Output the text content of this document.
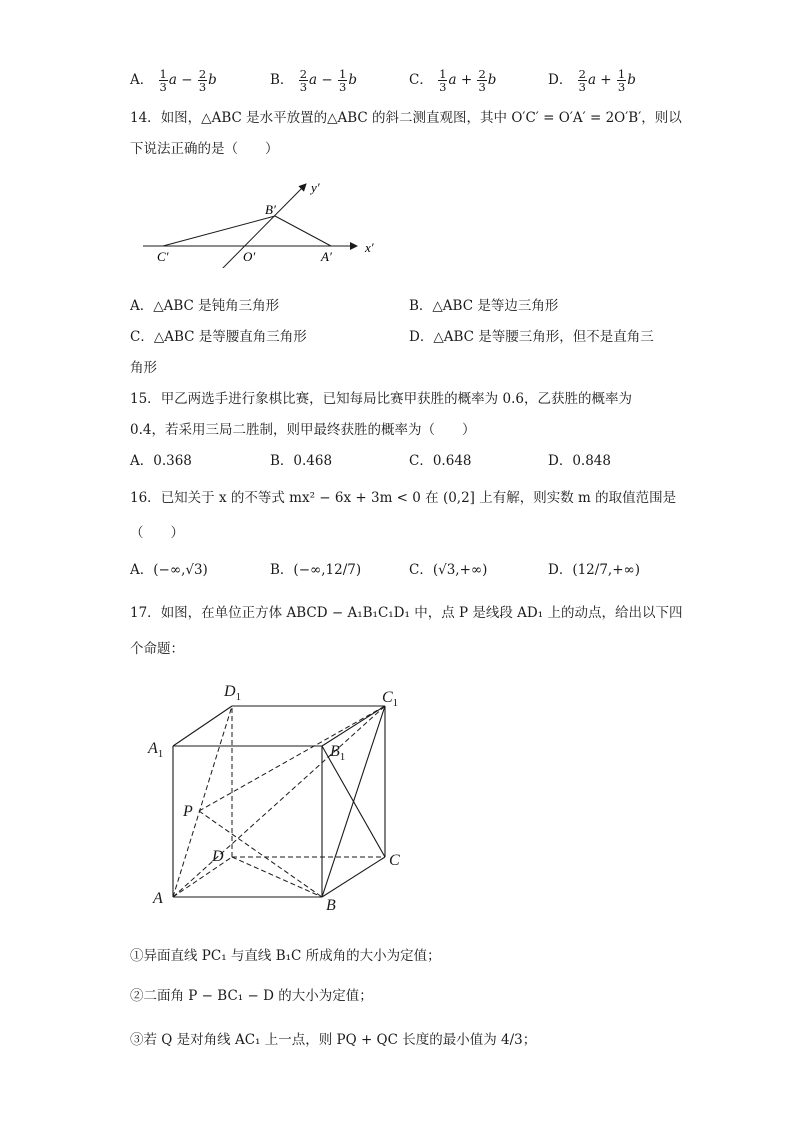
A． $\frac{1}{3}$ $a - \frac{2}{3}$ b	B． $\frac{2}{3}$ $a - \frac{1}{3}$ b	C． $\frac{1}{3}$ $a + \frac{2}{3}$ b	D． $\frac{2}{3}$ $a + \frac{1}{3}$ b
14．如图，△ABC 是水平放置的△ABC 的斜二测直观图，其中 O′C′ = O′A′ = 2O′B′，则以
下说法正确的是（　　）
y′
x′
B′
C′	O′	A′
A．△ABC 是钝角三角形	B．△ABC 是等边三角形
C．△ABC 是等腰直角三角形	D．△ABC 是等腰三角形，但不是直角三
角形
15．甲乙两选手进行象棋比赛，已知每局比赛甲获胜的概率为 0.6，乙获胜的概率为
0.4，若采用三局二胜制，则甲最终获胜的概率为（　　）
A．0.368	B．0.468	C．0.648	D．0.848
16．已知关于 x 的不等式 mx² − 6x + 3m < 0 在 (0,2] 上有解，则实数 m 的取值范围是
（　　）
A．(−∞,√3)	B．(−∞,12/7)	C．(√3,+∞)	D．(12/7,+∞)
17．如图，在单位正方体 ABCD − A₁B₁C₁D₁ 中，点 P 是线段 AD₁ 上的动点，给出以下四
个命题：
$D_1$	$C_1$
$A_1$	$B_1$
P
D	C
A	B
①异面直线 PC₁ 与直线 B₁C 所成角的大小为定值；
②二面角 P − BC₁ − D 的大小为定值；
③若 Q 是对角线 AC₁ 上一点，则 PQ + QC 长度的最小值为 4/3；
